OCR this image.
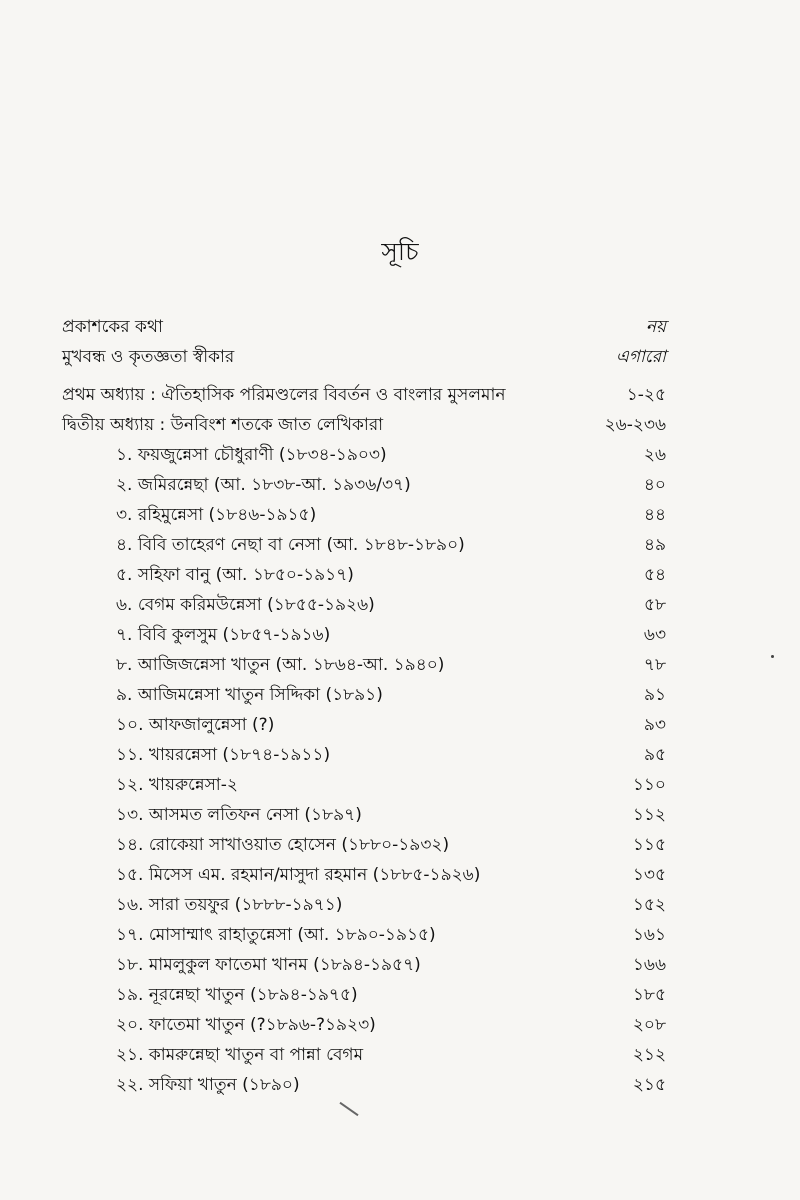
সূচি
প্রকাশকের কথা	নয়
মুখবন্ধ ও কৃতজ্ঞতা স্বীকার	এগারো
প্রথম অধ্যায় : ঐতিহাসিক পরিমণ্ডলের বিবর্তন ও বাংলার মুসলমান	১-২৫
দ্বিতীয় অধ্যায় : উনবিংশ শতকে জাত লেখিকারা	২৬-২৩৬
১. ফয়জুন্নেসা চৌধুরাণী (১৮৩৪-১৯০৩)	২৬
২. জমিরন্নেছা (আ. ১৮৩৮-আ. ১৯৩৬/৩৭)	৪০
৩. রহিমুন্নেসা (১৮৪৬-১৯১৫)	৪৪
৪. বিবি তাহেরণ নেছা বা নেসা (আ. ১৮৪৮-১৮৯০)	৪৯
৫. সহিফা বানু (আ. ১৮৫০-১৯১৭)	৫৪
৬. বেগম করিমউন্নেসা (১৮৫৫-১৯২৬)	৫৮
৭. বিবি কুলসুম (১৮৫৭-১৯১৬)	৬৩
৮. আজিজন্নেসা খাতুন (আ. ১৮৬৪-আ. ১৯৪০)	৭৮
৯. আজিমন্নেসা খাতুন সিদ্দিকা (১৮৯১)	৯১
১০. আফজালুন্নেসা (?)	৯৩
১১. খায়রন্নেসা (১৮৭৪-১৯১১)	৯৫
১২. খায়রুন্নেসা-২	১১০
১৩. আসমত লতিফন নেসা (১৮৯৭)	১১২
১৪. রোকেয়া সাখাওয়াত হোসেন (১৮৮০-১৯৩২)	১১৫
১৫. মিসেস এম. রহমান/মাসুদা রহমান (১৮৮৫-১৯২৬)	১৩৫
১৬. সারা তয়ফুর (১৮৮৮-১৯৭১)	১৫২
১৭. মোসাম্মাৎ রাহাতুন্নেসা (আ. ১৮৯০-১৯১৫)	১৬১
১৮. মামলুকুল ফাতেমা খানম (১৮৯৪-১৯৫৭)	১৬৬
১৯. নূরন্নেছা খাতুন (১৮৯৪-১৯৭৫)	১৮৫
২০. ফাতেমা খাতুন (?১৮৯৬-?১৯২৩)	২০৮
২১. কামরুন্নেছা খাতুন বা পান্না বেগম	২১২
২২. সফিয়া খাতুন (১৮৯০)	২১৫
